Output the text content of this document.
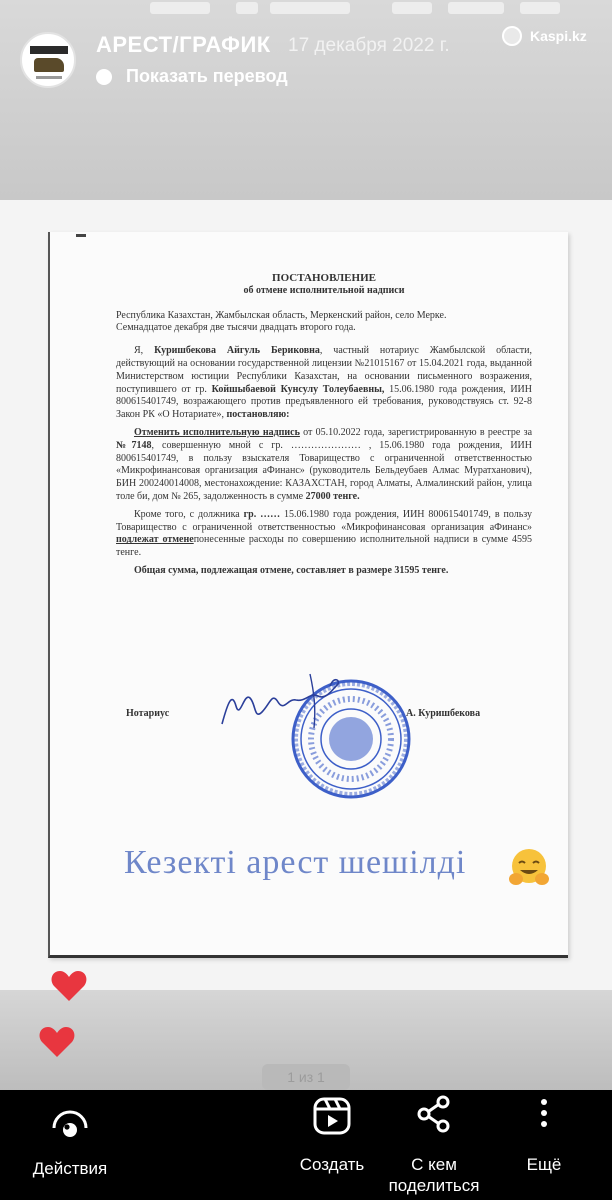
АРЕСТ/ГРАФИК 17 декабря 2022 г.	Kaspi.kz
Показать перевод

ПОСТАНОВЛЕНИЕ

об отмене исполнительной надписи

Республика Казахстан, Жамбылская область, Меркенский район, село Мерке.

Семнадцатое декабря две тысячи двадцать второго года.

Я, Куришбекова Айгуль Бериковна, частный нотариус Жамбылской области, действующий на основании государственной лицензии №21015167 от 15.04.2021 года, выданной Министерством юстиции Республики Казахстан, на основании письменного возражения, поступившего от гр. Койшыбаевой Кунсулу Толеубаевны, 15.06.1980 года рождения, ИИН 800615401749, возражающего против предъявленного ей требования, руководствуясь ст. 92-8 Закон РК «О Нотариате», постановляю:

Отменить исполнительную надпись от 05.10.2022 года, зарегистрированную в реестре за №7148, совершенную мной с гр. ………………… , 15.06.1980 года рождения, ИИН 800615401749, в пользу взыскателя Товарищество с ограниченной ответственностью «Микрофинансовая организация аФинанс» (руководитель Бельдеубаев Алмас Муратханович), БИН 200240014008, местонахождение: КАЗАХСТАН, город Алматы, Алмалинский район, улица толе би, дом № 265, задолженность в сумме 27000 тенге.

Кроме того, с должника гр. …… 15.06.1980 года рождения, ИИН 800615401749, в пользу Товарищество с ограниченной ответственностью «Микрофинансовая организация аФинанс» подлежат отменепонесенные расходы по совершению исполнительной надписи в сумме 4595 тенге.

Общая сумма, подлежащая отмене, составляет в размере 31595 тенге.

Нотариус	А. Куришбекова
Кезекті арест шешілді
1 из 1
Действия	Создать	С кем поделиться
Ещё
